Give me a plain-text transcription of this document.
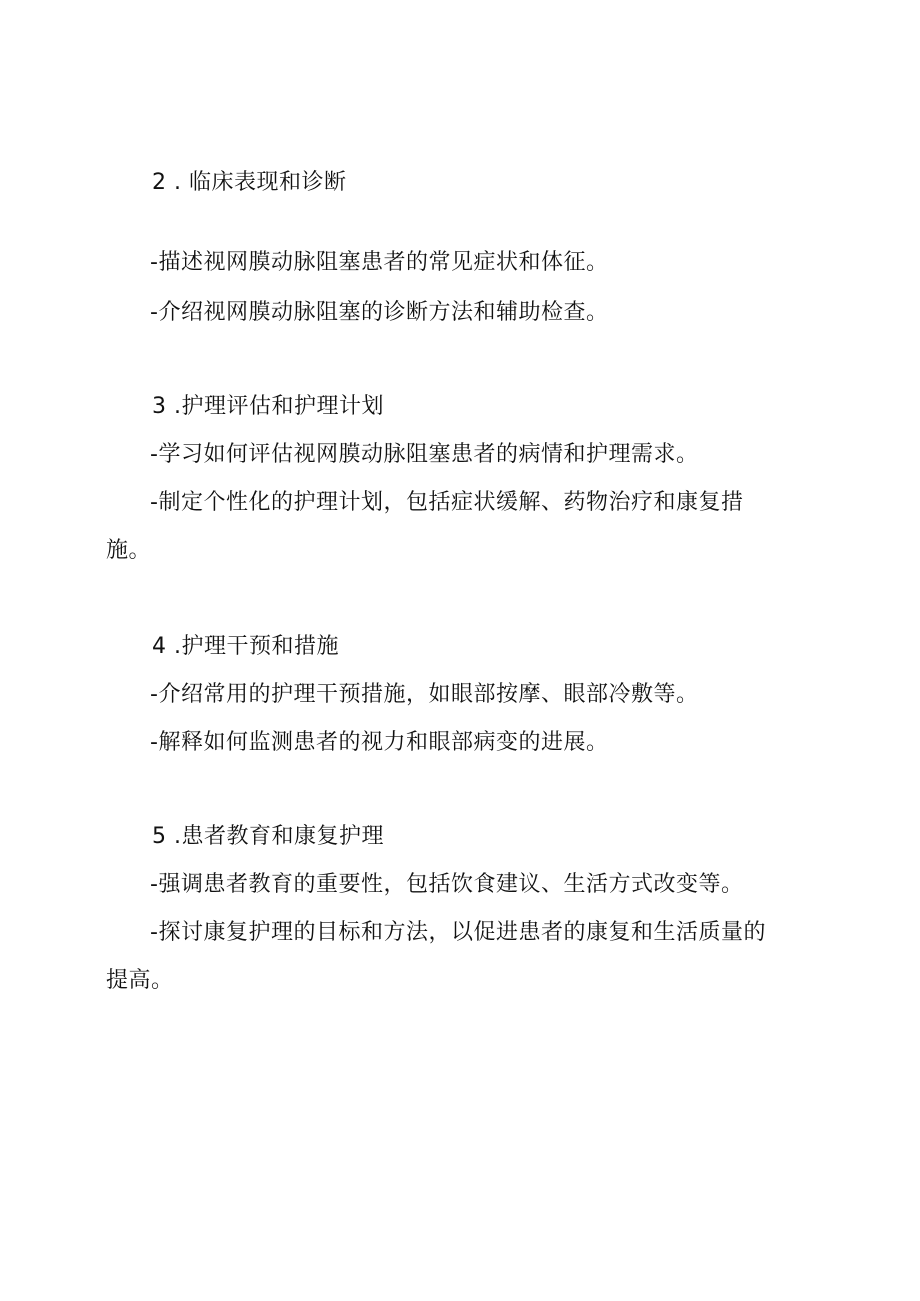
2 . 临床表现和诊断
-描述视网膜动脉阻塞患者的常见症状和体征。
-介绍视网膜动脉阻塞的诊断方法和辅助检查。
3 .护理评估和护理计划
-学习如何评估视网膜动脉阻塞患者的病情和护理需求。
-制定个性化的护理计划，包括症状缓解、药物治疗和康复措
施。
4 .护理干预和措施
-介绍常用的护理干预措施，如眼部按摩、眼部冷敷等。
-解释如何监测患者的视力和眼部病变的进展。
5 .患者教育和康复护理
-强调患者教育的重要性，包括饮食建议、生活方式改变等。
-探讨康复护理的目标和方法，以促进患者的康复和生活质量的
提高。
